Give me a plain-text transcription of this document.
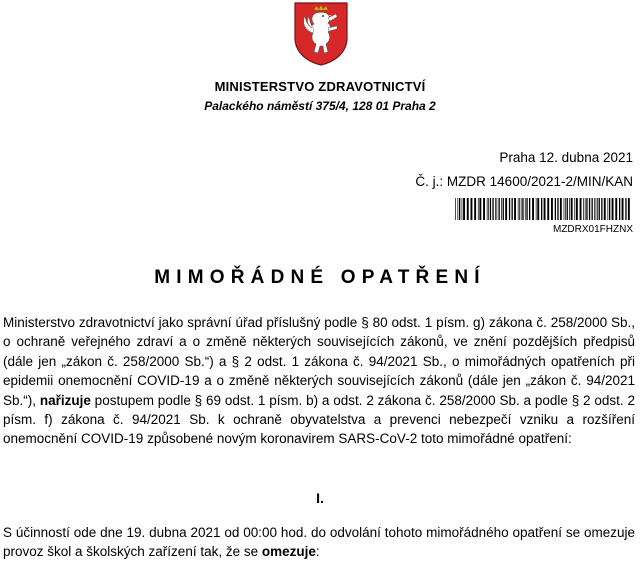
MINISTERSTVO ZDRAVOTNICTVÍ
Palackého náměstí 375/4, 128 01 Praha 2
Praha 12. dubna 2021
Č. j.: MZDR 14600/2021-2/MIN/KAN
MZDRX01FHZNX
MIMOŘÁDNÉ OPATŘENÍ
Ministerstvo zdravotnictví jako správní úřad příslušný podle § 80 odst. 1 písm. g) zákona č. 258/2000 Sb., o ochraně veřejného zdraví a o změně některých souvisejících zákonů, ve znění pozdějších předpisů (dále jen „zákon č. 258/2000 Sb.“) a § 2 odst. 1 zákona č. 94/2021 Sb., o mimořádných opatřeních při epidemii onemocnění COVID-19 a o změně některých souvisejících zákonů (dále jen „zákon č. 94/2021 Sb.“), nařizuje postupem podle § 69 odst. 1 písm. b) a odst. 2 zákona č. 258/2000 Sb. a podle § 2 odst. 2 písm. f) zákona č. 94/2021 Sb. k ochraně obyvatelstva a prevenci nebezpečí vzniku a rozšíření onemocnění COVID-19 způsobené novým koronavirem SARS-CoV-2 toto mimořádné opatření:
I.
S účinností ode dne 19. dubna 2021 od 00:00 hod. do odvolání tohoto mimořádného opatření se omezuje provoz škol a školských zařízení tak, že se omezuje:
